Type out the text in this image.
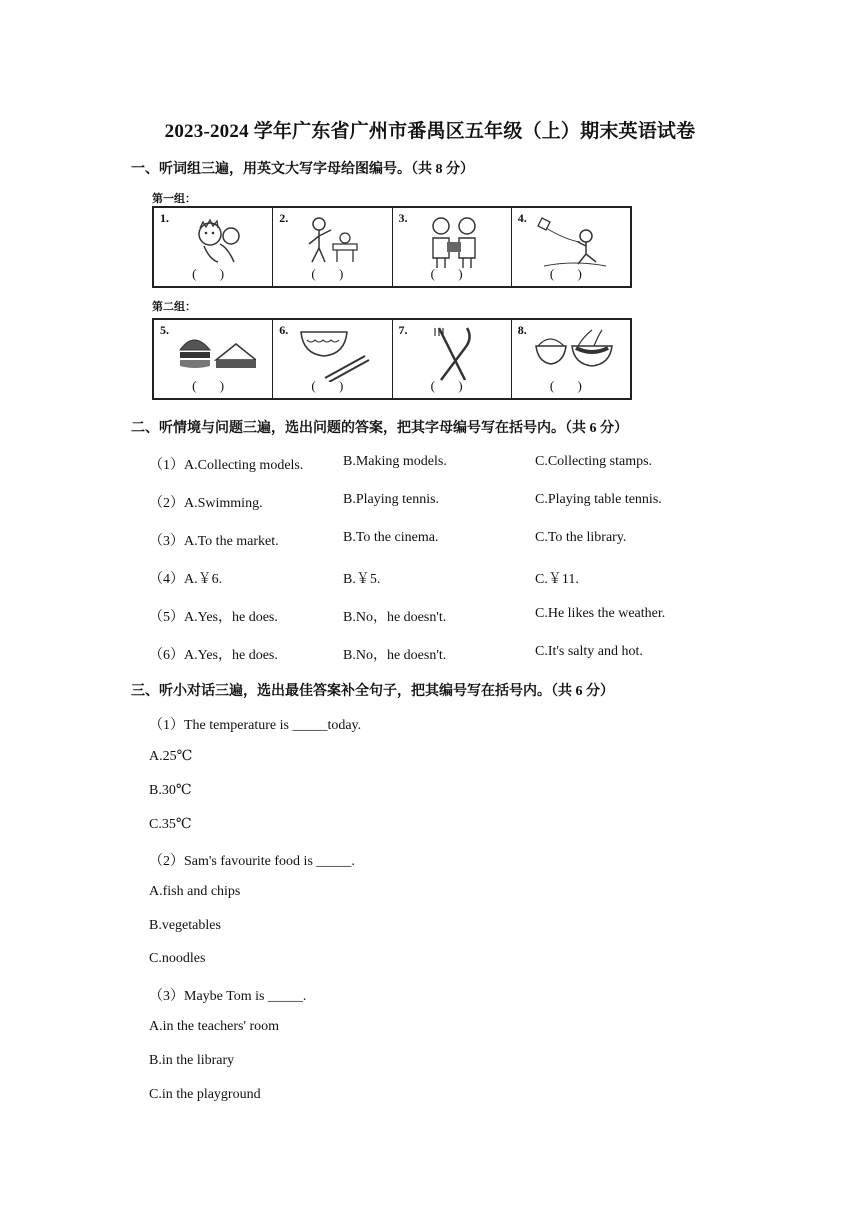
2023-2024 学年广东省广州市番禺区五年级（上）期末英语试卷
一、听词组三遍，用英文大写字母给图编号。（共 8 分）
第一组：
1.
( )
2.
( )
3.
( )
4.
( )
第二组：
5.
( )
6.
( )
7.
( )
8.
( )
二、听情境与问题三遍，选出问题的答案，把其字母编号写在括号内。（共 6 分）
（1）A.Collecting models.	B.Making models.	C.Collecting stamps.
（2）A.Swimming.	B.Playing tennis.	C.Playing table tennis.
（3）A.To the market.	B.To the cinema.	C.To the library.
（4）A.￥6.	B.￥5.	C.￥11.
（5）A.Yes，he does.	B.No，he doesn't.	C.He likes the weather.
（6）A.Yes，he does.	B.No，he doesn't.	C.It's salty and hot.
三、听小对话三遍，选出最佳答案补全句子，把其编号写在括号内。（共 6 分）
（1）The temperature is _____today.
A.25℃
B.30℃
C.35℃
（2）Sam's favourite food is _____.
A.fish and chips
B.vegetables
C.noodles
（3）Maybe Tom is _____.
A.in the teachers' room
B.in the library
C.in the playground
